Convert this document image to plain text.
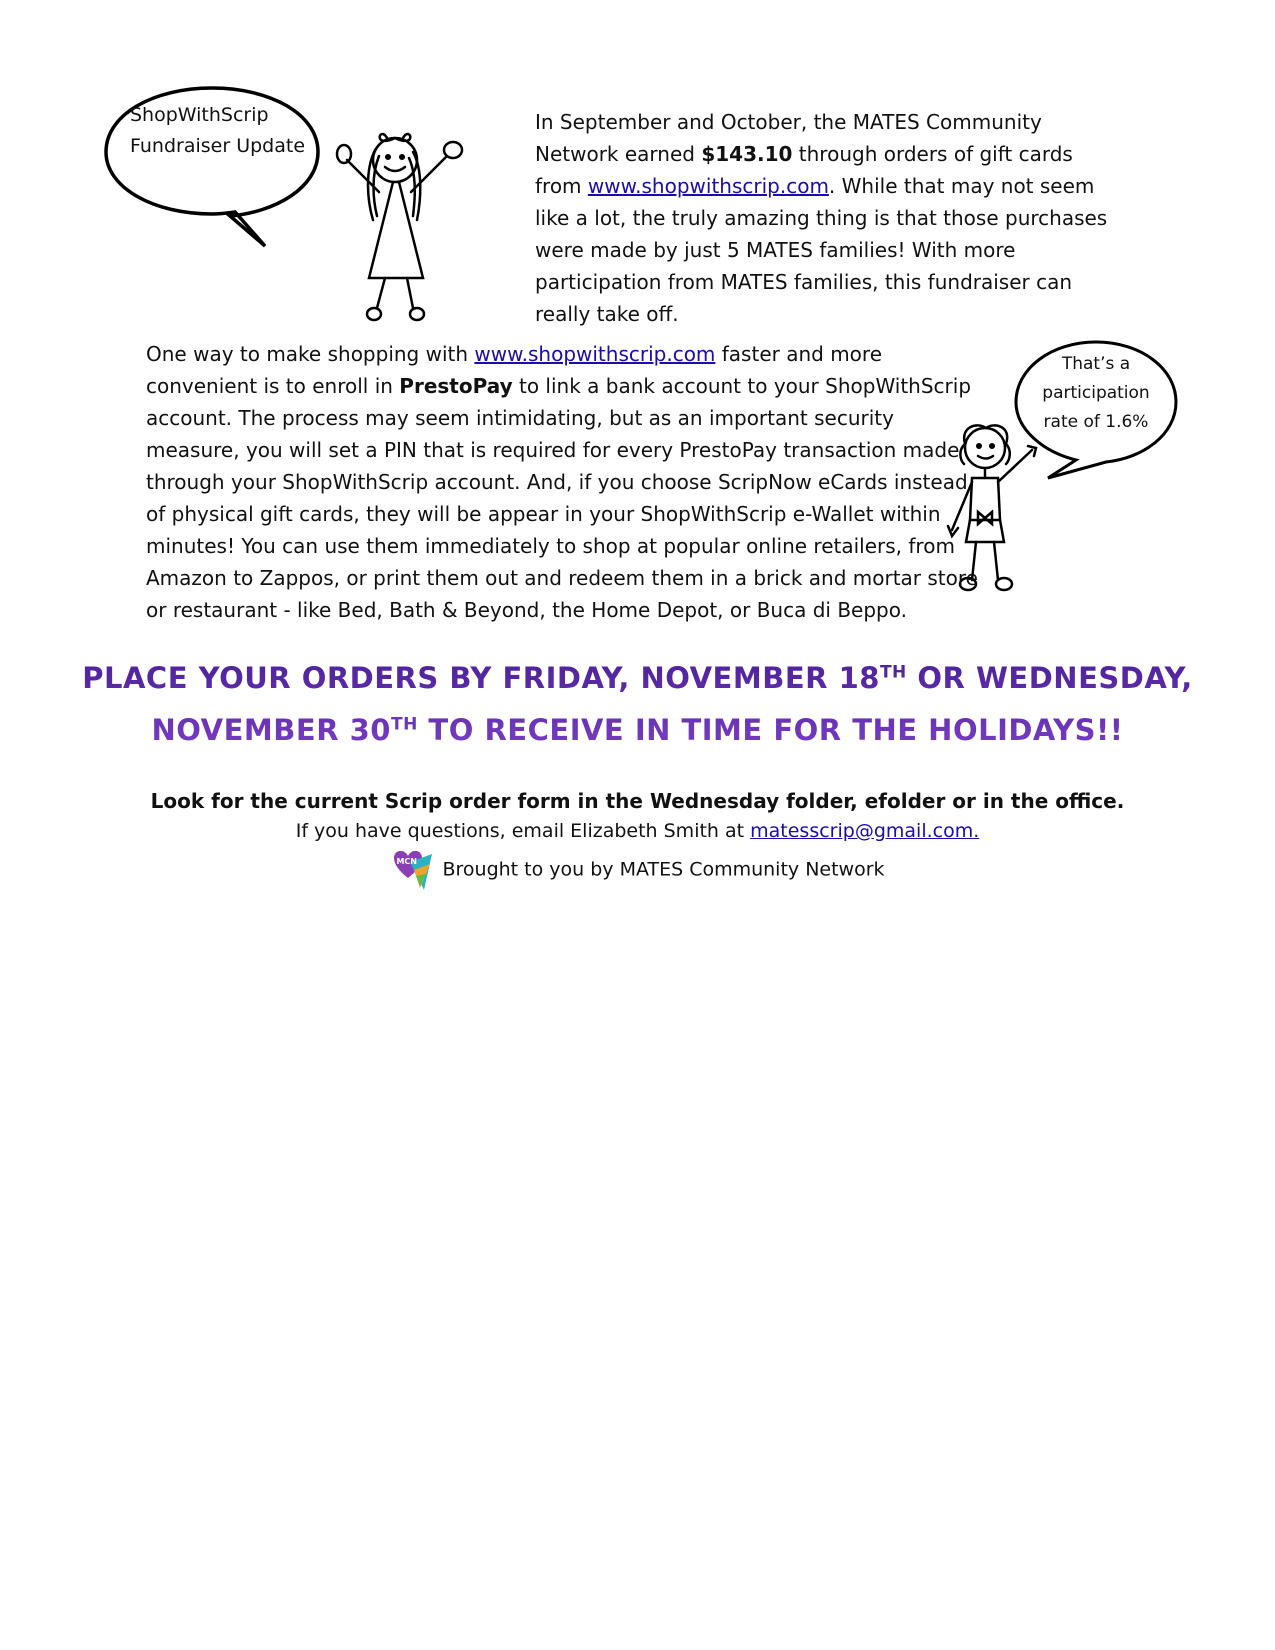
ShopWithScrip
Fundraiser Update
In September and October, the MATES Community Network earned $143.10 through orders of gift cards from www.shopwithscrip.com. While that may not seem like a lot, the truly amazing thing is that those purchases were made by just 5 MATES families! With more participation from MATES families, this fundraiser can really take off.
That’s a
participation
rate of 1.6%
One way to make shopping with www.shopwithscrip.com faster and more convenient is to enroll in PrestoPay to link a bank account to your ShopWithScrip account. The process may seem intimidating, but as an important security measure, you will set a PIN that is required for every PrestoPay transaction made through your ShopWithScrip account. And, if you choose ScripNow eCards instead of physical gift cards, they will be appear in your ShopWithScrip e-Wallet within minutes! You can use them immediately to shop at popular online retailers, from Amazon to Zappos, or print them out and redeem them in a brick and mortar store or restaurant - like Bed, Bath & Beyond, the Home Depot, or Buca di Beppo.
PLACE YOUR ORDERS BY FRIDAY, NOVEMBER 18TH OR WEDNESDAY,
NOVEMBER 30TH TO RECEIVE IN TIME FOR THE HOLIDAYS!!
Look for the current Scrip order form in the Wednesday folder, efolder or in the office.
If you have questions, email Elizabeth Smith at matesscrip@gmail.com.
MCN Brought to you by MATES Community Network
